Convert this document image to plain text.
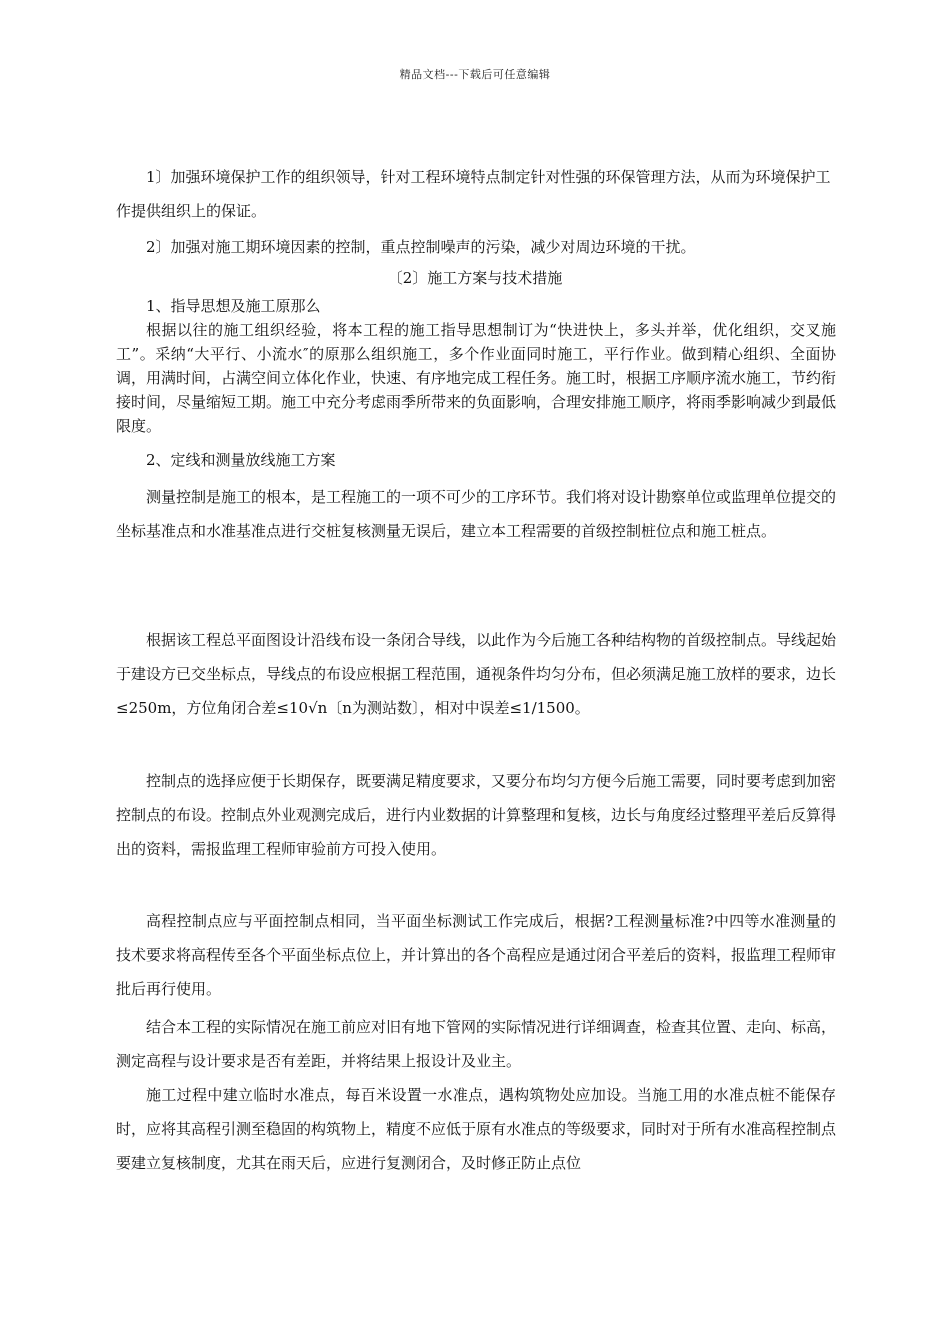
精品文档---下载后可任意编辑

1〕加强环境保护工作的组织领导，针对工程环境特点制定针对性强的环保管理方法，从而为环境保护工作提供组织上的保证。

2〕加强对施工期环境因素的控制，重点控制噪声的污染，减少对周边环境的干扰。

〔2〕施工方案与技术措施

1、指导思想及施工原那么

根据以往的施工组织经验，将本工程的施工指导思想制订为“快进快上，多头并举，优化组织，交叉施工”。采纳“大平行、小流水″的原那么组织施工，多个作业面同时施工，平行作业。做到精心组织、全面协调，用满时间，占满空间立体化作业，快速、有序地完成工程任务。施工时，根据工序顺序流水施工，节约衔接时间，尽量缩短工期。施工中充分考虑雨季所带来的负面影响，合理安排施工顺序，将雨季影响减少到最低限度。

2、定线和测量放线施工方案

测量控制是施工的根本，是工程施工的一项不可少的工序环节。我们将对设计勘察单位或监理单位提交的坐标基准点和水准基准点进行交桩复核测量无误后，建立本工程需要的首级控制桩位点和施工桩点。

根据该工程总平面图设计沿线布设一条闭合导线，以此作为今后施工各种结构物的首级控制点。导线起始于建设方已交坐标点，导线点的布设应根据工程范围，通视条件均匀分布，但必须满足施工放样的要求，边长≤250m，方位角闭合差≤10√n〔n为测站数〕，相对中误差≤1/1500。

控制点的选择应便于长期保存，既要满足精度要求，又要分布均匀方便今后施工需要，同时要考虑到加密控制点的布设。控制点外业观测完成后，进行内业数据的计算整理和复核，边长与角度经过整理平差后反算得出的资料，需报监理工程师审验前方可投入使用。

高程控制点应与平面控制点相同，当平面坐标测试工作完成后，根据?工程测量标准?中四等水准测量的技术要求将高程传至各个平面坐标点位上，并计算出的各个高程应是通过闭合平差后的资料，报监理工程师审批后再行使用。

结合本工程的实际情况在施工前应对旧有地下管网的实际情况进行详细调查，检查其位置、走向、标高，测定高程与设计要求是否有差距，并将结果上报设计及业主。

施工过程中建立临时水准点，每百米设置一水准点，遇构筑物处应加设。当施工用的水准点桩不能保存时，应将其高程引测至稳固的构筑物上，精度不应低于原有水准点的等级要求，同时对于所有水准高程控制点要建立复核制度，尤其在雨天后，应进行复测闭合，及时修正防止点位
